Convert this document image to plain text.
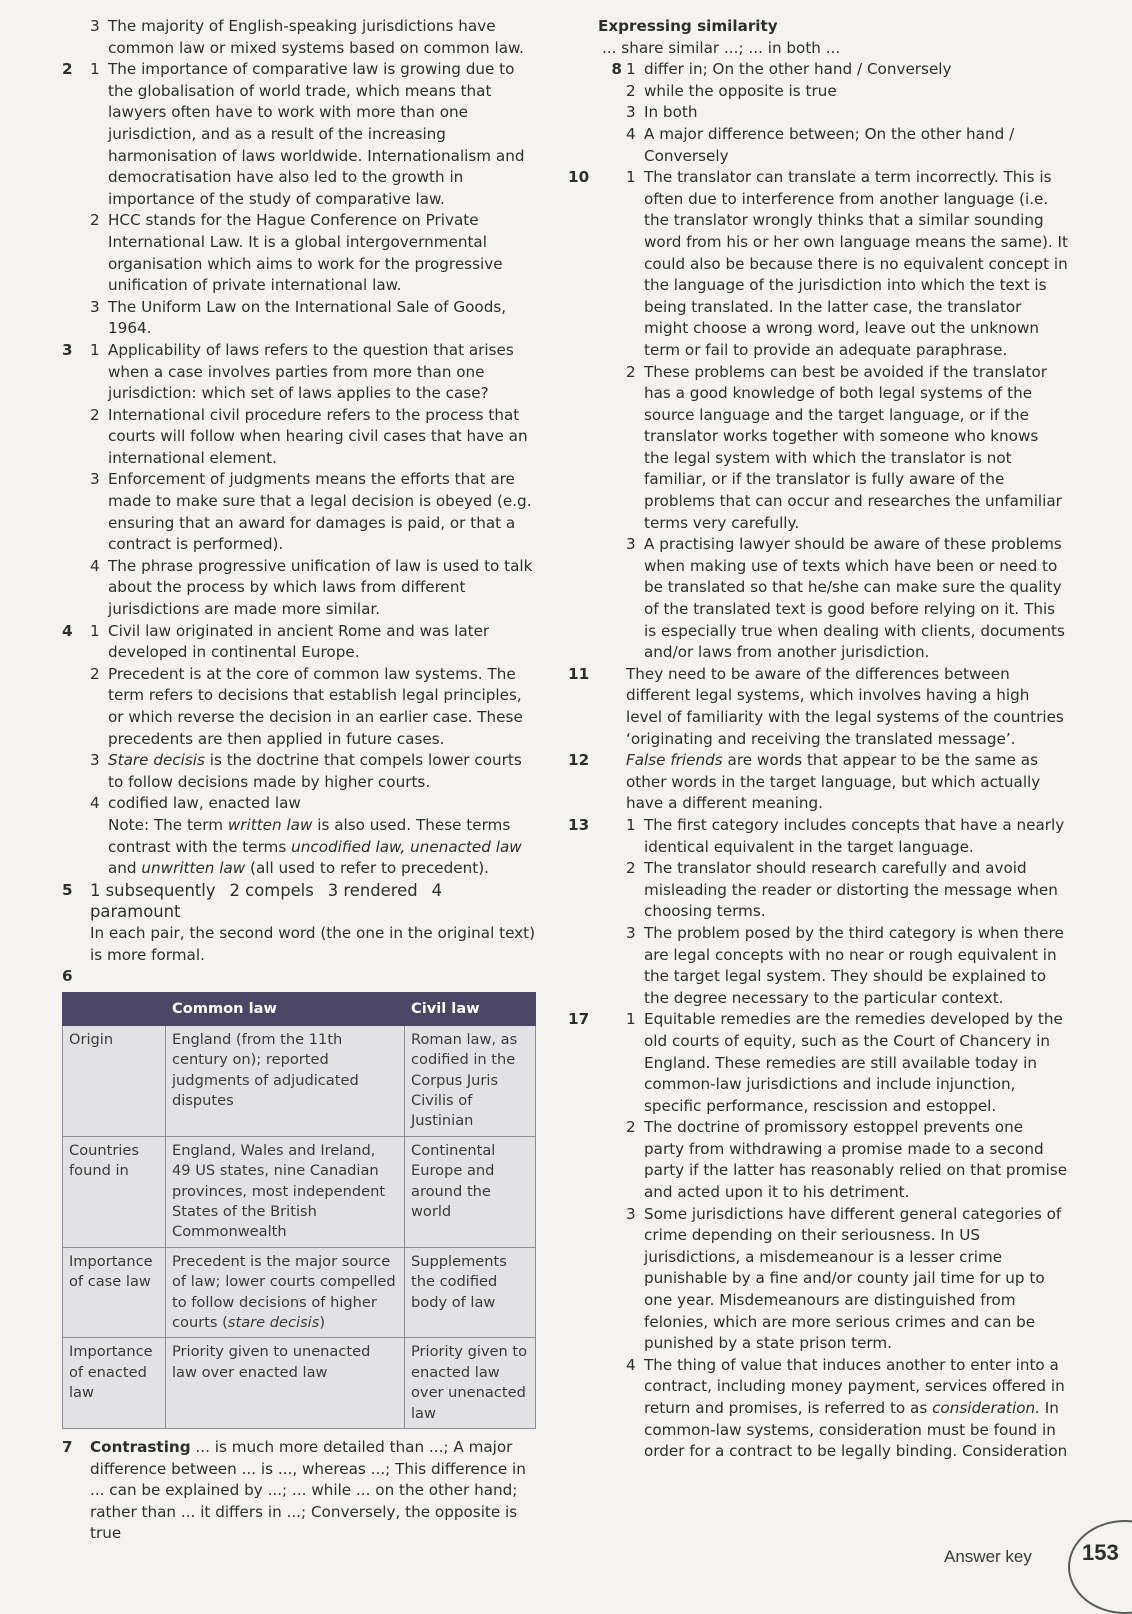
3 The majority of English-speaking jurisdictions have common law or mixed systems based on common law.
2	1 The importance of comparative law is growing due to the globalisation of world trade, which means that lawyers often have to work with more than one jurisdiction, and as a result of the increasing harmonisation of laws worldwide. Internationalism and democratisation have also led to the growth in importance of the study of comparative law.
2 HCC stands for the Hague Conference on Private International Law. It is a global intergovernmental organisation which aims to work for the progressive unification of private international law.
3 The Uniform Law on the International Sale of Goods, 1964.
3	1 Applicability of laws refers to the question that arises when a case involves parties from more than one jurisdiction: which set of laws applies to the case?
2 International civil procedure refers to the process that courts will follow when hearing civil cases that have an international element.
3 Enforcement of judgments means the efforts that are made to make sure that a legal decision is obeyed (e.g. ensuring that an award for damages is paid, or that a contract is performed).
4 The phrase progressive unification of law is used to talk about the process by which laws from different jurisdictions are made more similar.
4	1 Civil law originated in ancient Rome and was later developed in continental Europe.
2 Precedent is at the core of common law systems. The term refers to decisions that establish legal principles, or which reverse the decision in an earlier case. These precedents are then applied in future cases.
3 Stare decisis is the doctrine that compels lower courts to follow decisions made by higher courts.
4 codified law, enacted law
Note: The term written law is also used. These terms contrast with the terms uncodified law, unenacted law and unwritten law (all used to refer to precedent).
5	1 subsequently 2 compels 3 rendered 4 paramount
In each pair, the second word (the one in the original text) is more formal.
6
	Common law	Civil law
Origin	England (from the 11th century on); reported judgments of adjudicated disputes	Roman law, as codified in the Corpus Juris Civilis of Justinian
Countries found in	England, Wales and Ireland, 49 US states, nine Canadian provinces, most independent States of the British Commonwealth	Continental Europe and around the world
Importance of case law	Precedent is the major source of law; lower courts compelled to follow decisions of higher courts (stare decisis)	Supplements the codified body of law
Importance of enacted law	Priority given to unenacted law over enacted law	Priority given to enacted law over unenacted law
7	Contrasting ... is much more detailed than ...; A major difference between ... is ..., whereas ...; This difference in ... can be explained by ...; ... while ... on the other hand; rather than ... it differs in ...; Conversely, the opposite is true
Expressing similarity
... share similar ...; ... in both ...
8 1 differ in; On the other hand / Conversely
2 while the opposite is true
3 In both
4 A major difference between; On the other hand / Conversely
10	1 The translator can translate a term incorrectly. This is often due to interference from another language (i.e. the translator wrongly thinks that a similar sounding word from his or her own language means the same). It could also be because there is no equivalent concept in the language of the jurisdiction into which the text is being translated. In the latter case, the translator might choose a wrong word, leave out the unknown term or fail to provide an adequate paraphrase.
2 These problems can best be avoided if the translator has a good knowledge of both legal systems of the source language and the target language, or if the translator works together with someone who knows the legal system with which the translator is not familiar, or if the translator is fully aware of the problems that can occur and researches the unfamiliar terms very carefully.
3 A practising lawyer should be aware of these problems when making use of texts which have been or need to be translated so that he/she can make sure the quality of the translated text is good before relying on it. This is especially true when dealing with clients, documents and/or laws from another jurisdiction.
11	They need to be aware of the differences between different legal systems, which involves having a high level of familiarity with the legal systems of the countries ‘originating and receiving the translated message’.
12	False friends are words that appear to be the same as other words in the target language, but which actually have a different meaning.
13	1 The first category includes concepts that have a nearly identical equivalent in the target language.
2 The translator should research carefully and avoid misleading the reader or distorting the message when choosing terms.
3 The problem posed by the third category is when there are legal concepts with no near or rough equivalent in the target legal system. They should be explained to the degree necessary to the particular context.
17	1 Equitable remedies are the remedies developed by the old courts of equity, such as the Court of Chancery in England. These remedies are still available today in common-law jurisdictions and include injunction, specific performance, rescission and estoppel.
2 The doctrine of promissory estoppel prevents one party from withdrawing a promise made to a second party if the latter has reasonably relied on that promise and acted upon it to his detriment.
3 Some jurisdictions have different general categories of crime depending on their seriousness. In US jurisdictions, a misdemeanour is a lesser crime punishable by a fine and/or county jail time for up to one year. Misdemeanours are distinguished from felonies, which are more serious crimes and can be punished by a state prison term.
4 The thing of value that induces another to enter into a contract, including money payment, services offered in return and promises, is referred to as consideration. In common-law systems, consideration must be found in order for a contract to be legally binding. Consideration
Answer key 153
